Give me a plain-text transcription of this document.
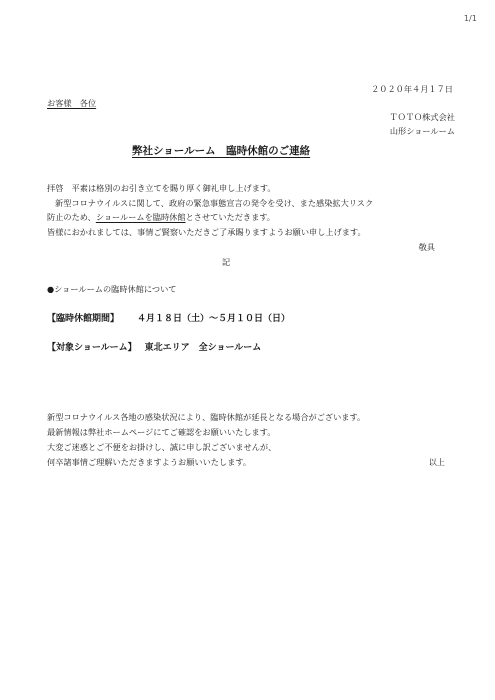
1/1
２０２０年４月１７日
お客様　各位
ＴＯＴＯ株式会社
山形ショールーム
弊社ショールーム　臨時休館のご連絡
拝啓　平素は格別のお引き立てを賜り厚く御礼申し上げます。
新型コロナウイルスに関して、政府の緊急事態宣言の発令を受け、また感染拡大リスク
防止のため、ショールームを臨時休館とさせていただきます。
皆様におかれましては、事情ご賢察いただきご了承賜りますようお願い申し上げます。
敬具
記
●ショールームの臨時休館について
【臨時休館期間】 ４月１８日（土）～５月１０日（日）
【対象ショールーム】 東北エリア　全ショールーム
新型コロナウイルス各地の感染状況により、臨時休館が延長となる場合がございます。
最新情報は弊社ホームページにてご確認をお願いいたします。
大変ご迷惑とご不便をお掛けし、誠に申し訳ございませんが、
何卒諸事情ご理解いただきますようお願いいたします。	以上
